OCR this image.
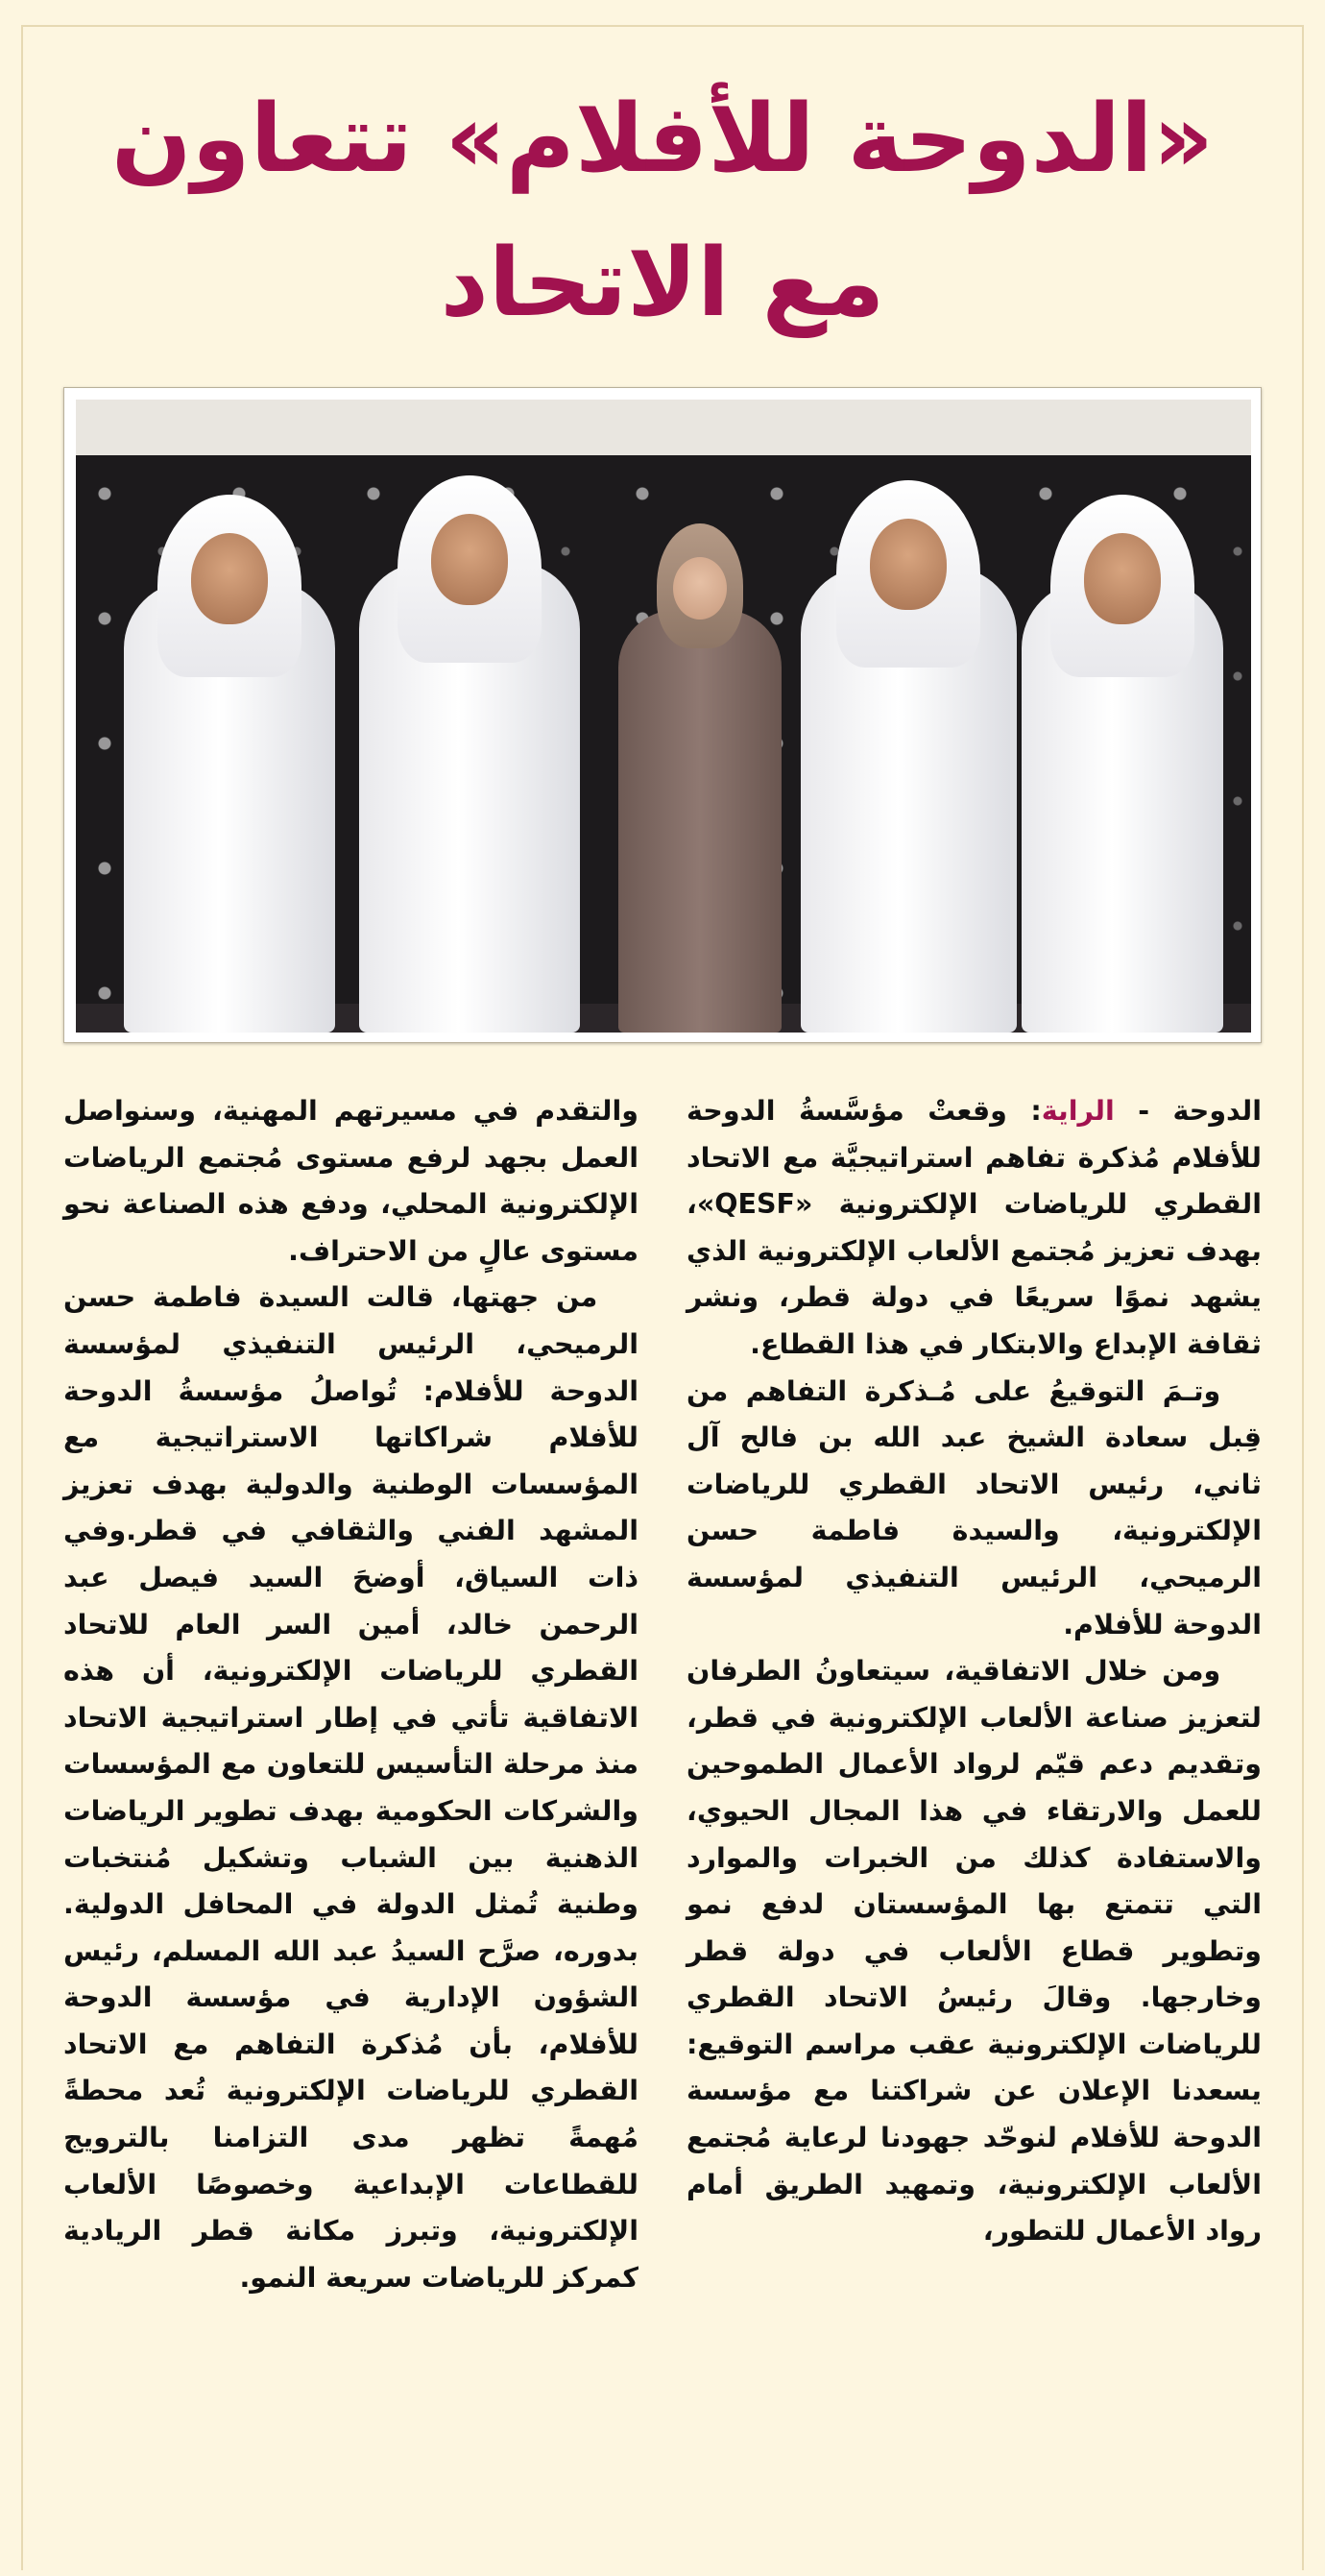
«الدوحة للأفلام» تتعاون مع الاتحاد

الدوحة - الراية: وقعتْ مؤسَّسةُ الدوحة للأفلام مُذكرة تفاهم استراتيجيَّة مع الاتحاد القطري للرياضات الإلكترونية «QESF»، بهدف تعزيز مُجتمع الألعاب الإلكترونية الذي يشهد نموًا سريعًا في دولة قطر، ونشر ثقافة الإبداع والابتكار في هذا القطاع.

وتـمَ التوقيعُ على مُـذكرة التفاهم من قِبل سعادة الشيخ عبد الله بن فالح آل ثاني، رئيس الاتحاد القطري للرياضات الإلكترونية، والسيدة فاطمة حسن الرميحي، الرئيس التنفيذي لمؤسسة الدوحة للأفلام.

ومن خلال الاتفاقية، سيتعاونُ الطرفان لتعزيز صناعة الألعاب الإلكترونية في قطر، وتقديم دعم قيّم لرواد الأعمال الطموحين للعمل والارتقاء في هذا المجال الحيوي، والاستفادة كذلك من الخبرات والموارد التي تتمتع بها المؤسستان لدفع نمو وتطوير قطاع الألعاب في دولة قطر وخارجها. وقالَ رئيسُ الاتحاد القطري للرياضات الإلكترونية عقب مراسم التوقيع: يسعدنا الإعلان عن شراكتنا مع مؤسسة الدوحة للأفلام لنوحّد جهودنا لرعاية مُجتمع الألعاب الإلكترونية، وتمهيد الطريق أمام رواد الأعمال للتطور،

والتقدم في مسيرتهم المهنية، وسنواصل العمل بجهد لرفع مستوى مُجتمع الرياضات الإلكترونية المحلي، ودفع هذه الصناعة نحو مستوى عالٍ من الاحتراف.

من جهتها، قالت السيدة فاطمة حسن الرميحي، الرئيس التنفيذي لمؤسسة الدوحة للأفلام: تُواصلُ مؤسسةُ الدوحة للأفلام شراكاتها الاستراتيجية مع المؤسسات الوطنية والدولية بهدف تعزيز المشهد الفني والثقافي في قطر.وفي ذات السياق، أوضحَ السيد فيصل عبد الرحمن خالد، أمين السر العام للاتحاد القطري للرياضات الإلكترونية، أن هذه الاتفاقية تأتي في إطار استراتيجية الاتحاد منذ مرحلة التأسيس للتعاون مع المؤسسات والشركات الحكومية بهدف تطوير الرياضات الذهنية بين الشباب وتشكيل مُنتخبات وطنية تُمثل الدولة في المحافل الدولية. بدوره، صرَّح السيدُ عبد الله المسلم، رئيس الشؤون الإدارية في مؤسسة الدوحة للأفلام، بأن مُذكرة التفاهم مع الاتحاد القطري للرياضات الإلكترونية تُعد محطةً مُهمةً تظهر مدى التزامنا بالترويج للقطاعات الإبداعية وخصوصًا الألعاب الإلكترونية، وتبرز مكانة قطر الريادية كمركز للرياضات سريعة النمو.
